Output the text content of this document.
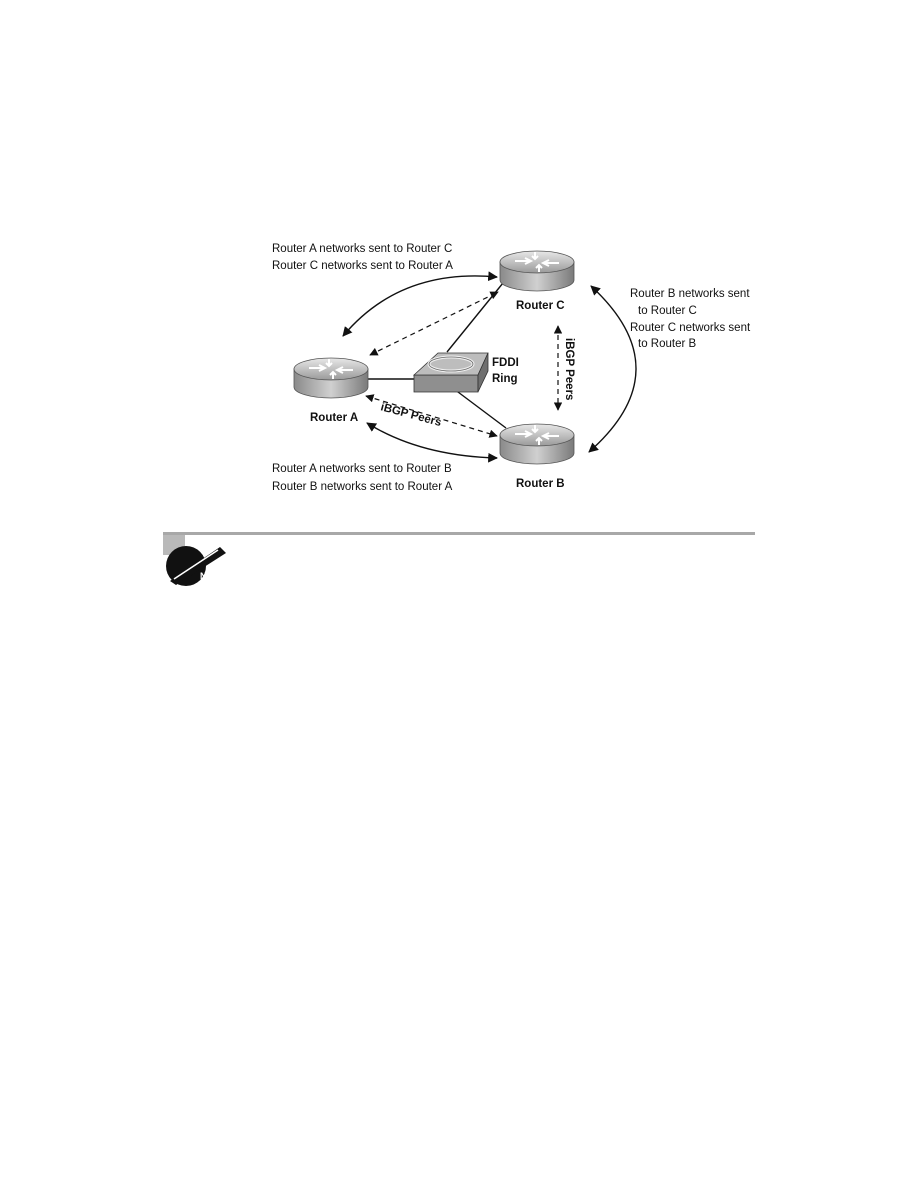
FDDI
Ring
Router A
Router B
Router C
iBGP Peers
iBGP Peers
Router A networks sent to Router C
Router C networks sent to Router A
Router A networks sent to Router B
Router B networks sent to Router A
Router B networks sent
to Router C
Router C networks sent
to Router B
NOTE
